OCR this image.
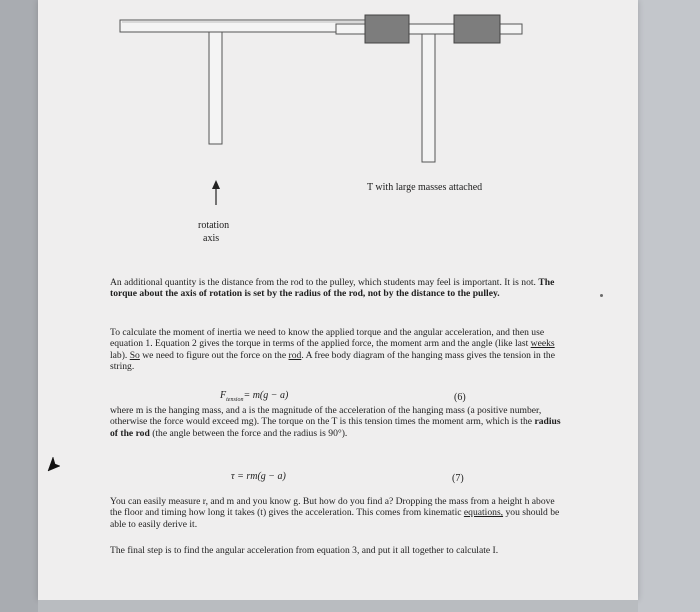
T with large masses attached
rotation
axis
An additional quantity is the distance from the rod to the pulley, which students may feel is important. It is not. The torque about the axis of rotation is set by the radius of the rod, not by the distance to the pulley.
To calculate the moment of inertia we need to know the applied torque and the angular acceleration, and then use equation 1. Equation 2 gives the torque in terms of the applied force, the moment arm and the angle (like last weeks lab). So we need to figure out the force on the rod. A free body diagram of the hanging mass gives the tension in the string.
$F_{tension}= m(g - a)$	(6)
where m is the hanging mass, and a is the magnitude of the acceleration of the hanging mass (a positive number, otherwise the force would exceed mg). The torque on the T is this tension times the moment arm, which is the radius of the rod (the angle between the force and the radius is 90°).
τ = rm(g − a)	(7)
You can easily measure r, and m and you know g. But how do you find a? Dropping the mass from a height h above the floor and timing how long it takes (t) gives the acceleration. This comes from kinematic equations, you should be able to easily derive it.
The final step is to find the angular acceleration from equation 3, and put it all together to calculate I.
